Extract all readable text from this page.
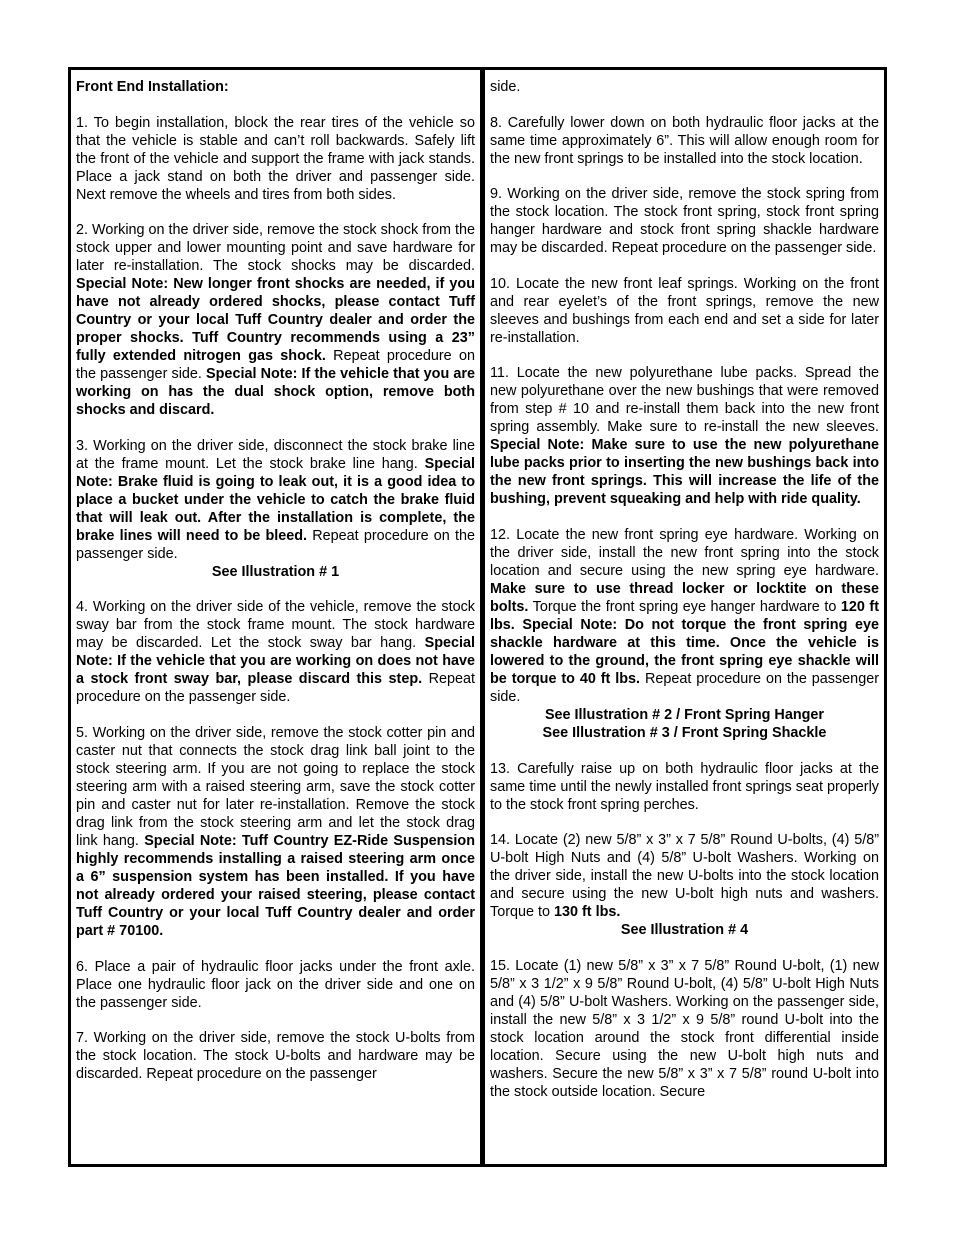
Front End Installation:

1. To begin installation, block the rear tires of the vehicle so that the vehicle is stable and can’t roll backwards. Safely lift the front of the vehicle and support the frame with jack stands. Place a jack stand on both the driver and passenger side. Next remove the wheels and tires from both sides.

2. Working on the driver side, remove the stock shock from the stock upper and lower mounting point and save hardware for later re-installation. The stock shocks may be discarded. Special Note: New longer front shocks are needed, if you have not already ordered shocks, please contact Tuff Country or your local Tuff Country dealer and order the proper shocks. Tuff Country recommends using a 23” fully extended nitrogen gas shock. Repeat procedure on the passenger side. Special Note: If the vehicle that you are working on has the dual shock option, remove both shocks and discard.

3. Working on the driver side, disconnect the stock brake line at the frame mount. Let the stock brake line hang. Special Note: Brake fluid is going to leak out, it is a good idea to place a bucket under the vehicle to catch the brake fluid that will leak out. After the installation is complete, the brake lines will need to be bleed. Repeat procedure on the passenger side.

See Illustration # 1

4. Working on the driver side of the vehicle, remove the stock sway bar from the stock frame mount. The stock hardware may be discarded. Let the stock sway bar hang. Special Note: If the vehicle that you are working on does not have a stock front sway bar, please discard this step. Repeat procedure on the passenger side.

5. Working on the driver side, remove the stock cotter pin and caster nut that connects the stock drag link ball joint to the stock steering arm. If you are not going to replace the stock steering arm with a raised steering arm, save the stock cotter pin and caster nut for later re-installation. Remove the stock drag link from the stock steering arm and let the stock drag link hang. Special Note: Tuff Country EZ-Ride Suspension highly recommends installing a raised steering arm once a 6” suspension system has been installed. If you have not already ordered your raised steering, please contact Tuff Country or your local Tuff Country dealer and order part # 70100.

6. Place a pair of hydraulic floor jacks under the front axle. Place one hydraulic floor jack on the driver side and one on the passenger side.

7. Working on the driver side, remove the stock U-bolts from the stock location. The stock U-bolts and hardware may be discarded. Repeat procedure on the passenger

side.

8. Carefully lower down on both hydraulic floor jacks at the same time approximately 6”. This will allow enough room for the new front springs to be installed into the stock location.

9. Working on the driver side, remove the stock spring from the stock location. The stock front spring, stock front spring hanger hardware and stock front spring shackle hardware may be discarded. Repeat procedure on the passenger side.

10. Locate the new front leaf springs. Working on the front and rear eyelet’s of the front springs, remove the new sleeves and bushings from each end and set a side for later re-installation.

11. Locate the new polyurethane lube packs. Spread the new polyurethane over the new bushings that were removed from step # 10 and re-install them back into the new front spring assembly. Make sure to re-install the new sleeves. Special Note: Make sure to use the new polyurethane lube packs prior to inserting the new bushings back into the new front springs. This will increase the life of the bushing, prevent squeaking and help with ride quality.

12. Locate the new front spring eye hardware. Working on the driver side, install the new front spring into the stock location and secure using the new spring eye hardware. Make sure to use thread locker or locktite on these bolts. Torque the front spring eye hanger hardware to 120 ft lbs. Special Note: Do not torque the front spring eye shackle hardware at this time. Once the vehicle is lowered to the ground, the front spring eye shackle will be torque to 40 ft lbs. Repeat procedure on the passenger side.

See Illustration # 2 / Front Spring Hanger

See Illustration # 3 / Front Spring Shackle

13. Carefully raise up on both hydraulic floor jacks at the same time until the newly installed front springs seat properly to the stock front spring perches.

14. Locate (2) new 5/8” x 3” x 7 5/8” Round U-bolts, (4) 5/8” U-bolt High Nuts and (4) 5/8” U-bolt Washers. Working on the driver side, install the new U-bolts into the stock location and secure using the new U-bolt high nuts and washers. Torque to 130 ft lbs.

See Illustration # 4

15. Locate (1) new 5/8” x 3” x 7 5/8” Round U-bolt, (1) new 5/8” x 3 1/2” x 9 5/8” Round U-bolt, (4) 5/8” U-bolt High Nuts and (4) 5/8” U-bolt Washers. Working on the passenger side, install the new 5/8” x 3 1/2” x 9 5/8” round U-bolt into the stock location around the stock front differential inside location. Secure using the new U-bolt high nuts and washers. Secure the new 5/8” x 3” x 7 5/8” round U-bolt into the stock outside location. Secure
